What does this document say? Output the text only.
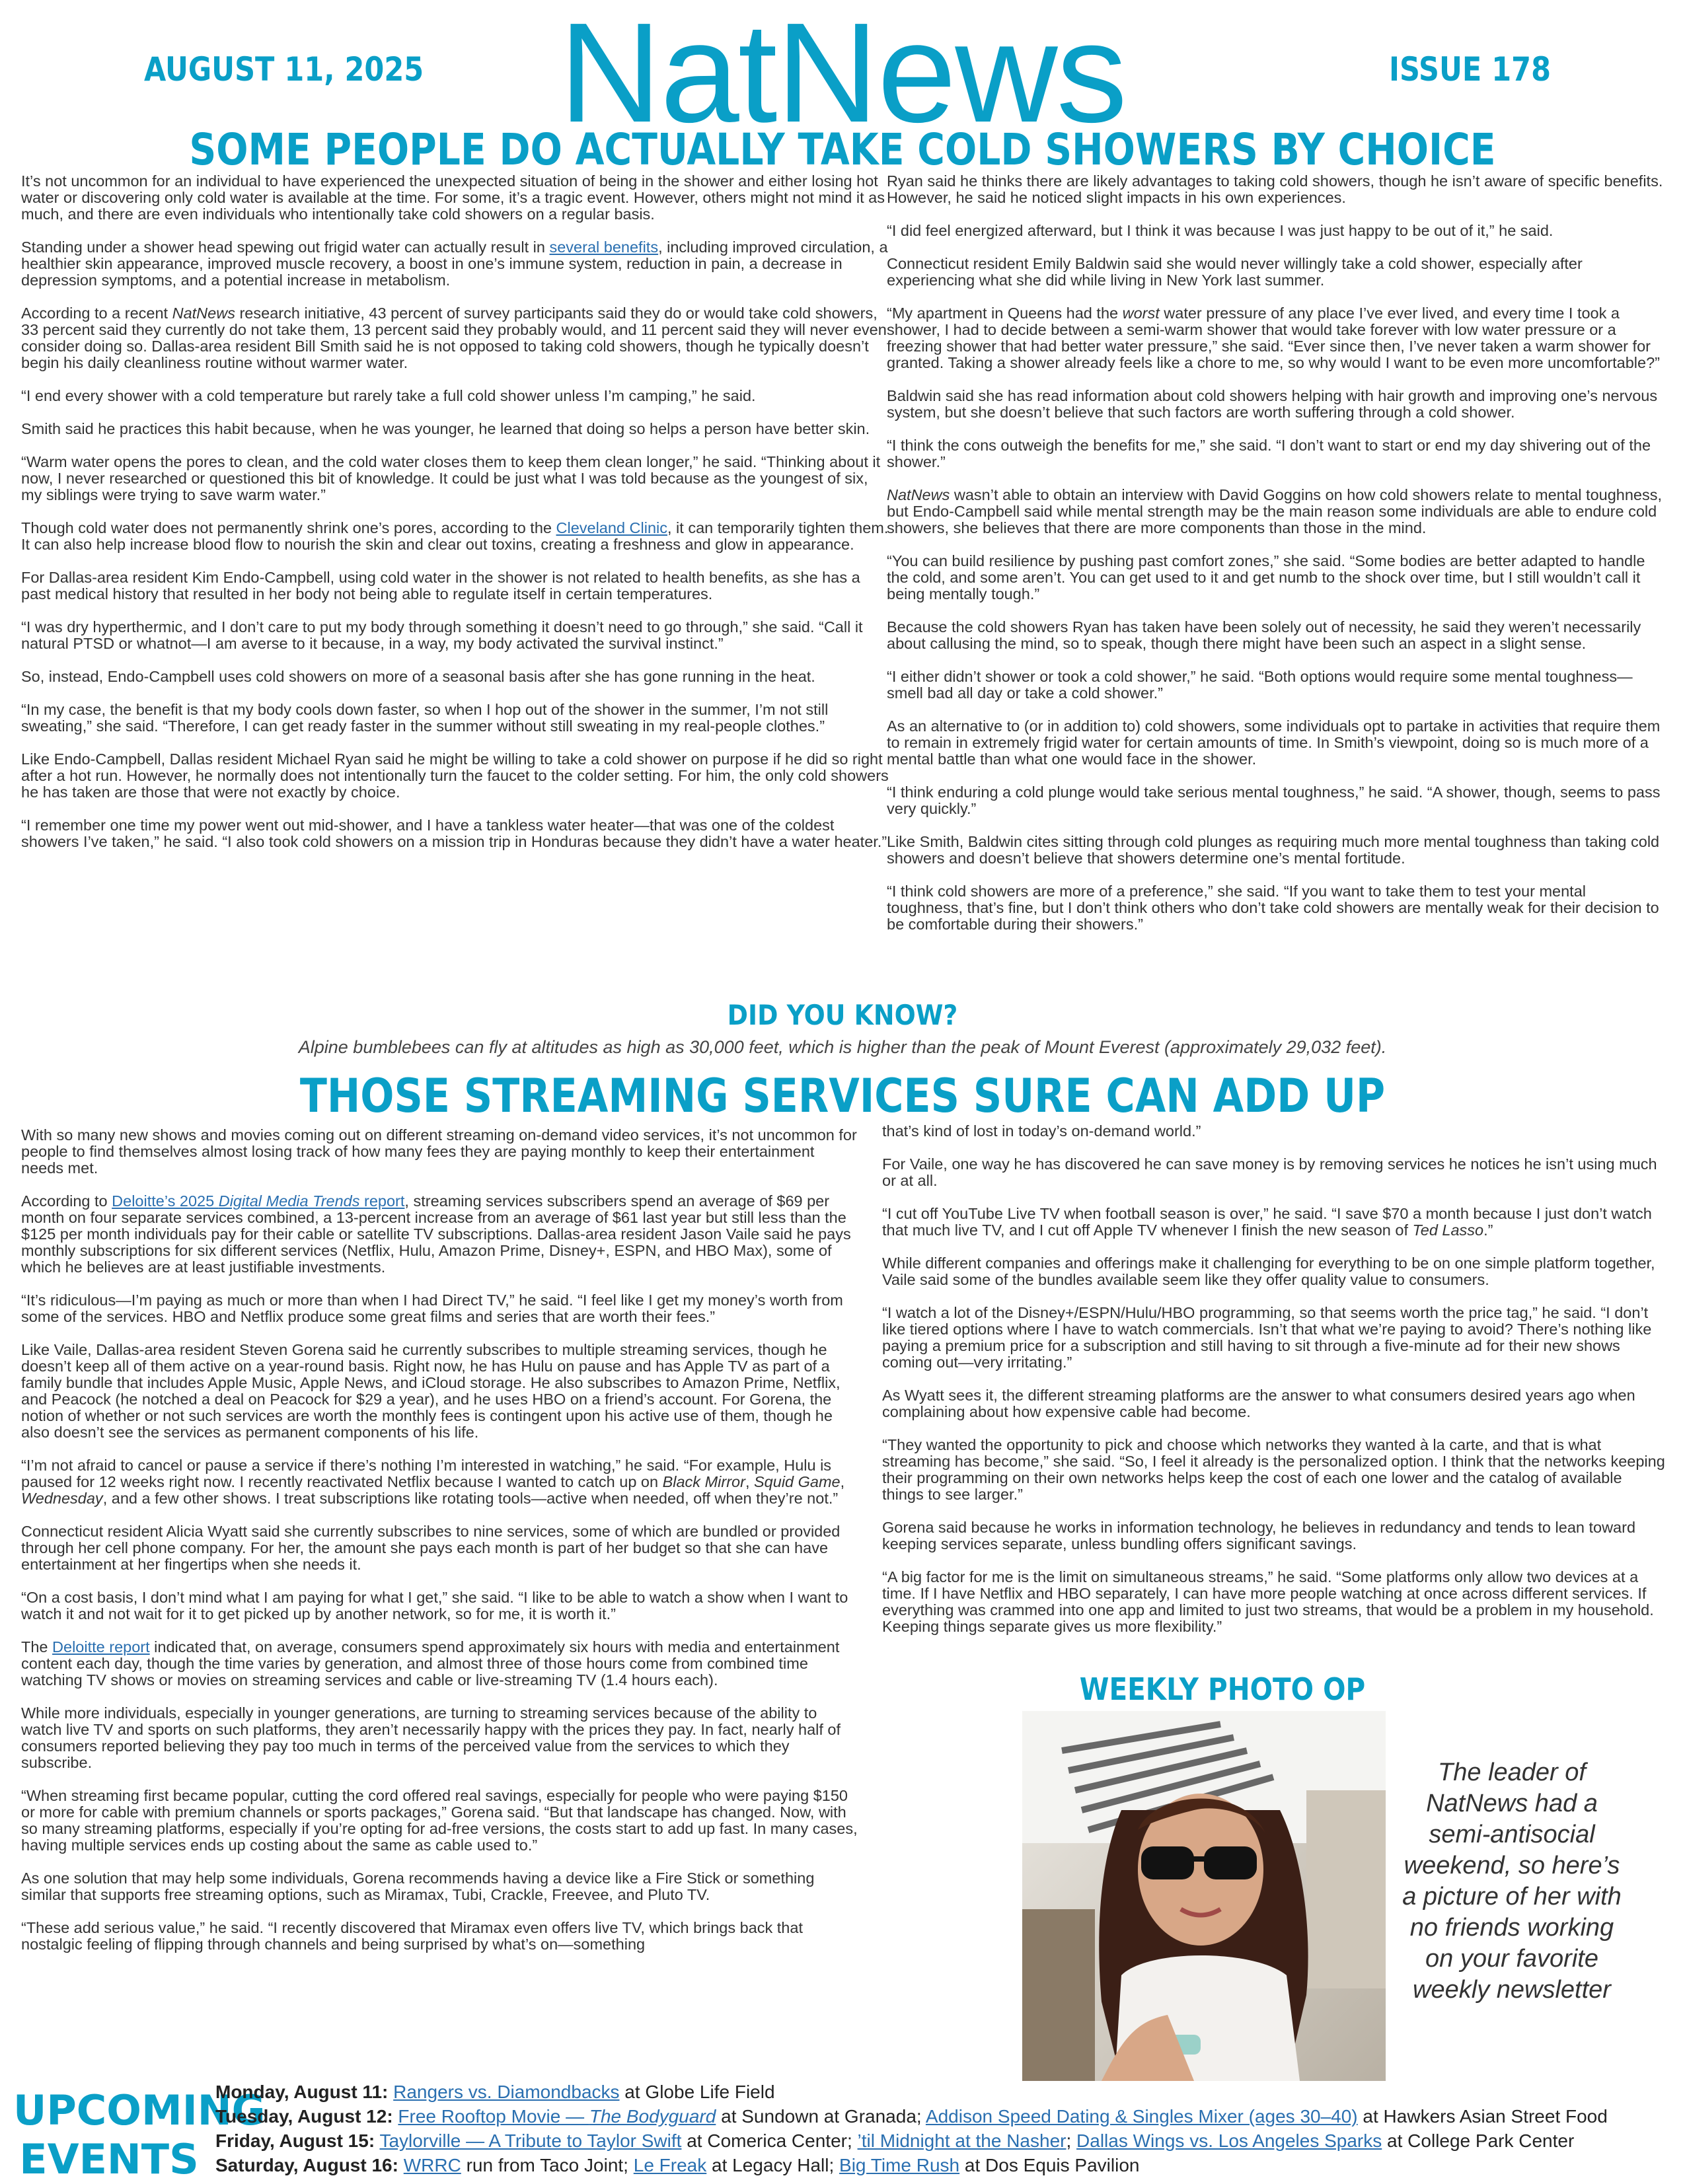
AUGUST 11, 2025 NatNews	ISSUE 178
SOME PEOPLE DO ACTUALLY TAKE COLD SHOWERS BY CHOICE

It’s not uncommon for an individual to have experienced the unexpected situation of being in the shower and either losing hot water or discovering only cold water is available at the time. For some, it’s a tragic event. However, others might not mind it as much, and there are even individuals who intentionally take cold showers on a regular basis.

Standing under a shower head spewing out frigid water can actually result in several benefits, including improved circulation, a healthier skin appearance, improved muscle recovery, a boost in one’s immune system, reduction in pain, a decrease in depression symptoms, and a potential increase in metabolism.

According to a recent NatNews research initiative, 43 percent of survey participants said they do or would take cold showers, 33 percent said they currently do not take them, 13 percent said they probably would, and 11 percent said they will never even consider doing so. Dallas-area resident Bill Smith said he is not opposed to taking cold showers, though he typically doesn’t begin his daily cleanliness routine without warmer water.

“I end every shower with a cold temperature but rarely take a full cold shower unless I’m camping,” he said.

Smith said he practices this habit because, when he was younger, he learned that doing so helps a person have better skin.

“Warm water opens the pores to clean, and the cold water closes them to keep them clean longer,” he said. “Thinking about it now, I never researched or questioned this bit of knowledge. It could be just what I was told because as the youngest of six, my siblings were trying to save warm water.”

Though cold water does not permanently shrink one’s pores, according to the Cleveland Clinic, it can temporarily tighten them. It can also help increase blood flow to nourish the skin and clear out toxins, creating a freshness and glow in appearance.

For Dallas-area resident Kim Endo-Campbell, using cold water in the shower is not related to health benefits, as she has a past medical history that resulted in her body not being able to regulate itself in certain temperatures.

“I was dry hyperthermic, and I don’t care to put my body through something it doesn’t need to go through,” she said. “Call it natural PTSD or whatnot—I am averse to it because, in a way, my body activated the survival instinct.”

So, instead, Endo-Campbell uses cold showers on more of a seasonal basis after she has gone running in the heat.

“In my case, the benefit is that my body cools down faster, so when I hop out of the shower in the summer, I’m not still sweating,” she said. “Therefore, I can get ready faster in the summer without still sweating in my real-people clothes.”

Like Endo-Campbell, Dallas resident Michael Ryan said he might be willing to take a cold shower on purpose if he did so right after a hot run. However, he normally does not intentionally turn the faucet to the colder setting. For him, the only cold showers he has taken are those that were not exactly by choice.

“I remember one time my power went out mid-shower, and I have a tankless water heater—that was one of the coldest showers I’ve taken,” he said. “I also took cold showers on a mission trip in Honduras because they didn’t have a water heater.”

Ryan said he thinks there are likely advantages to taking cold showers, though he isn’t aware of specific benefits. However, he said he noticed slight impacts in his own experiences.

“I did feel energized afterward, but I think it was because I was just happy to be out of it,” he said.

Connecticut resident Emily Baldwin said she would never willingly take a cold shower, especially after experiencing what she did while living in New York last summer.

“My apartment in Queens had the worst water pressure of any place I’ve ever lived, and every time I took a shower, I had to decide between a semi-warm shower that would take forever with low water pressure or a freezing shower that had better water pressure,” she said. “Ever since then, I’ve never taken a warm shower for granted. Taking a shower already feels like a chore to me, so why would I want to be even more uncomfortable?”

Baldwin said she has read information about cold showers helping with hair growth and improving one’s nervous system, but she doesn’t believe that such factors are worth suffering through a cold shower.

“I think the cons outweigh the benefits for me,” she said. “I don’t want to start or end my day shivering out of the shower.”

NatNews wasn’t able to obtain an interview with David Goggins on how cold showers relate to mental toughness, but Endo-Campbell said while mental strength may be the main reason some individuals are able to endure cold showers, she believes that there are more components than those in the mind.

“You can build resilience by pushing past comfort zones,” she said. “Some bodies are better adapted to handle the cold, and some aren’t. You can get used to it and get numb to the shock over time, but I still wouldn’t call it being mentally tough.”

Because the cold showers Ryan has taken have been solely out of necessity, he said they weren’t necessarily about callusing the mind, so to speak, though there might have been such an aspect in a slight sense.

“I either didn’t shower or took a cold shower,” he said. “Both options would require some mental toughness—smell bad all day or take a cold shower.”

As an alternative to (or in addition to) cold showers, some individuals opt to partake in activities that require them to remain in extremely frigid water for certain amounts of time. In Smith’s viewpoint, doing so is much more of a mental battle than what one would face in the shower.

“I think enduring a cold plunge would take serious mental toughness,” he said. “A shower, though, seems to pass very quickly.”

Like Smith, Baldwin cites sitting through cold plunges as requiring much more mental toughness than taking cold showers and doesn’t believe that showers determine one’s mental fortitude.

“I think cold showers are more of a preference,” she said. “If you want to take them to test your mental toughness, that’s fine, but I don’t think others who don’t take cold showers are mentally weak for their decision to be comfortable during their showers.”

DID YOU KNOW?
Alpine bumblebees can fly at altitudes as high as 30,000 feet, which is higher than the peak of Mount Everest (approximately 29,032 feet).
THOSE STREAMING SERVICES SURE CAN ADD UP

With so many new shows and movies coming out on different streaming on-demand video services, it’s not uncommon for people to find themselves almost losing track of how many fees they are paying monthly to keep their entertainment needs met.

According to Deloitte’s 2025 Digital Media Trends report, streaming services subscribers spend an average of $69 per month on four separate services combined, a 13-percent increase from an average of $61 last year but still less than the $125 per month individuals pay for their cable or satellite TV subscriptions. Dallas-area resident Jason Vaile said he pays monthly subscriptions for six different services (Netflix, Hulu, Amazon Prime, Disney+, ESPN, and HBO Max), some of which he believes are at least justifiable investments.

“It’s ridiculous—I’m paying as much or more than when I had Direct TV,” he said. “I feel like I get my money’s worth from some of the services. HBO and Netflix produce some great films and series that are worth their fees.”

Like Vaile, Dallas-area resident Steven Gorena said he currently subscribes to multiple streaming services, though he doesn’t keep all of them active on a year-round basis. Right now, he has Hulu on pause and has Apple TV as part of a family bundle that includes Apple Music, Apple News, and iCloud storage. He also subscribes to Amazon Prime, Netflix, and Peacock (he notched a deal on Peacock for $29 a year), and he uses HBO on a friend’s account. For Gorena, the notion of whether or not such services are worth the monthly fees is contingent upon his active use of them, though he also doesn’t see the services as permanent components of his life.

“I’m not afraid to cancel or pause a service if there’s nothing I’m interested in watching,” he said. “For example, Hulu is paused for 12 weeks right now. I recently reactivated Netflix because I wanted to catch up on Black Mirror, Squid Game, Wednesday, and a few other shows. I treat subscriptions like rotating tools—active when needed, off when they’re not.”

Connecticut resident Alicia Wyatt said she currently subscribes to nine services, some of which are bundled or provided through her cell phone company. For her, the amount she pays each month is part of her budget so that she can have entertainment at her fingertips when she needs it.

“On a cost basis, I don’t mind what I am paying for what I get,” she said. “I like to be able to watch a show when I want to watch it and not wait for it to get picked up by another network, so for me, it is worth it.”

The Deloitte report indicated that, on average, consumers spend approximately six hours with media and entertainment content each day, though the time varies by generation, and almost three of those hours come from combined time watching TV shows or movies on streaming services and cable or live-streaming TV (1.4 hours each).

While more individuals, especially in younger generations, are turning to streaming services because of the ability to watch live TV and sports on such platforms, they aren’t necessarily happy with the prices they pay. In fact, nearly half of consumers reported believing they pay too much in terms of the perceived value from the services to which they subscribe.

“When streaming first became popular, cutting the cord offered real savings, especially for people who were paying $150 or more for cable with premium channels or sports packages,” Gorena said. “But that landscape has changed. Now, with so many streaming platforms, especially if you’re opting for ad-free versions, the costs start to add up fast. In many cases, having multiple services ends up costing about the same as cable used to.”

As one solution that may help some individuals, Gorena recommends having a device like a Fire Stick or something similar that supports free streaming options, such as Miramax, Tubi, Crackle, Freevee, and Pluto TV.

“These add serious value,” he said. “I recently discovered that Miramax even offers live TV, which brings back that nostalgic feeling of flipping through channels and being surprised by what’s on—something

that’s kind of lost in today’s on-demand world.”

For Vaile, one way he has discovered he can save money is by removing services he notices he isn’t using much or at all.

“I cut off YouTube Live TV when football season is over,” he said. “I save $70 a month because I just don’t watch that much live TV, and I cut off Apple TV whenever I finish the new season of Ted Lasso.”

While different companies and offerings make it challenging for everything to be on one simple platform together, Vaile said some of the bundles available seem like they offer quality value to consumers.

“I watch a lot of the Disney+/ESPN/Hulu/HBO programming, so that seems worth the price tag,” he said. “I don’t like tiered options where I have to watch commercials. Isn’t that what we’re paying to avoid? There’s nothing like paying a premium price for a subscription and still having to sit through a five-minute ad for their new shows coming out—very irritating.”

As Wyatt sees it, the different streaming platforms are the answer to what consumers desired years ago when complaining about how expensive cable had become.

“They wanted the opportunity to pick and choose which networks they wanted à la carte, and that is what streaming has become,” she said. “So, I feel it already is the personalized option. I think that the networks keeping their programming on their own networks helps keep the cost of each one lower and the catalog of available things to see larger.”

Gorena said because he works in information technology, he believes in redundancy and tends to lean toward keeping services separate, unless bundling offers significant savings.

“A big factor for me is the limit on simultaneous streams,” he said. “Some platforms only allow two devices at a time. If I have Netflix and HBO separately, I can have more people watching at once across different services. If everything was crammed into one app and limited to just two streams, that would be a problem in my household. Keeping things separate gives us more flexibility.”

WEEKLY PHOTO OP
The leader of NatNews had a semi-antisocial weekend, so here’s a picture of her with no friends working on your favorite weekly newsletter
UPCOMING EVENTS
Monday, August 11: Rangers vs. Diamondbacks at Globe Life Field
Tuesday, August 12: Free Rooftop Movie — The Bodyguard at Sundown at Granada; Addison Speed Dating & Singles Mixer (ages 30–40) at Hawkers Asian Street Food
Friday, August 15: Taylorville — A Tribute to Taylor Swift at Comerica Center; ’til Midnight at the Nasher; Dallas Wings vs. Los Angeles Sparks at College Park Center
Saturday, August 16: WRRC run from Taco Joint; Le Freak at Legacy Hall; Big Time Rush at Dos Equis Pavilion
